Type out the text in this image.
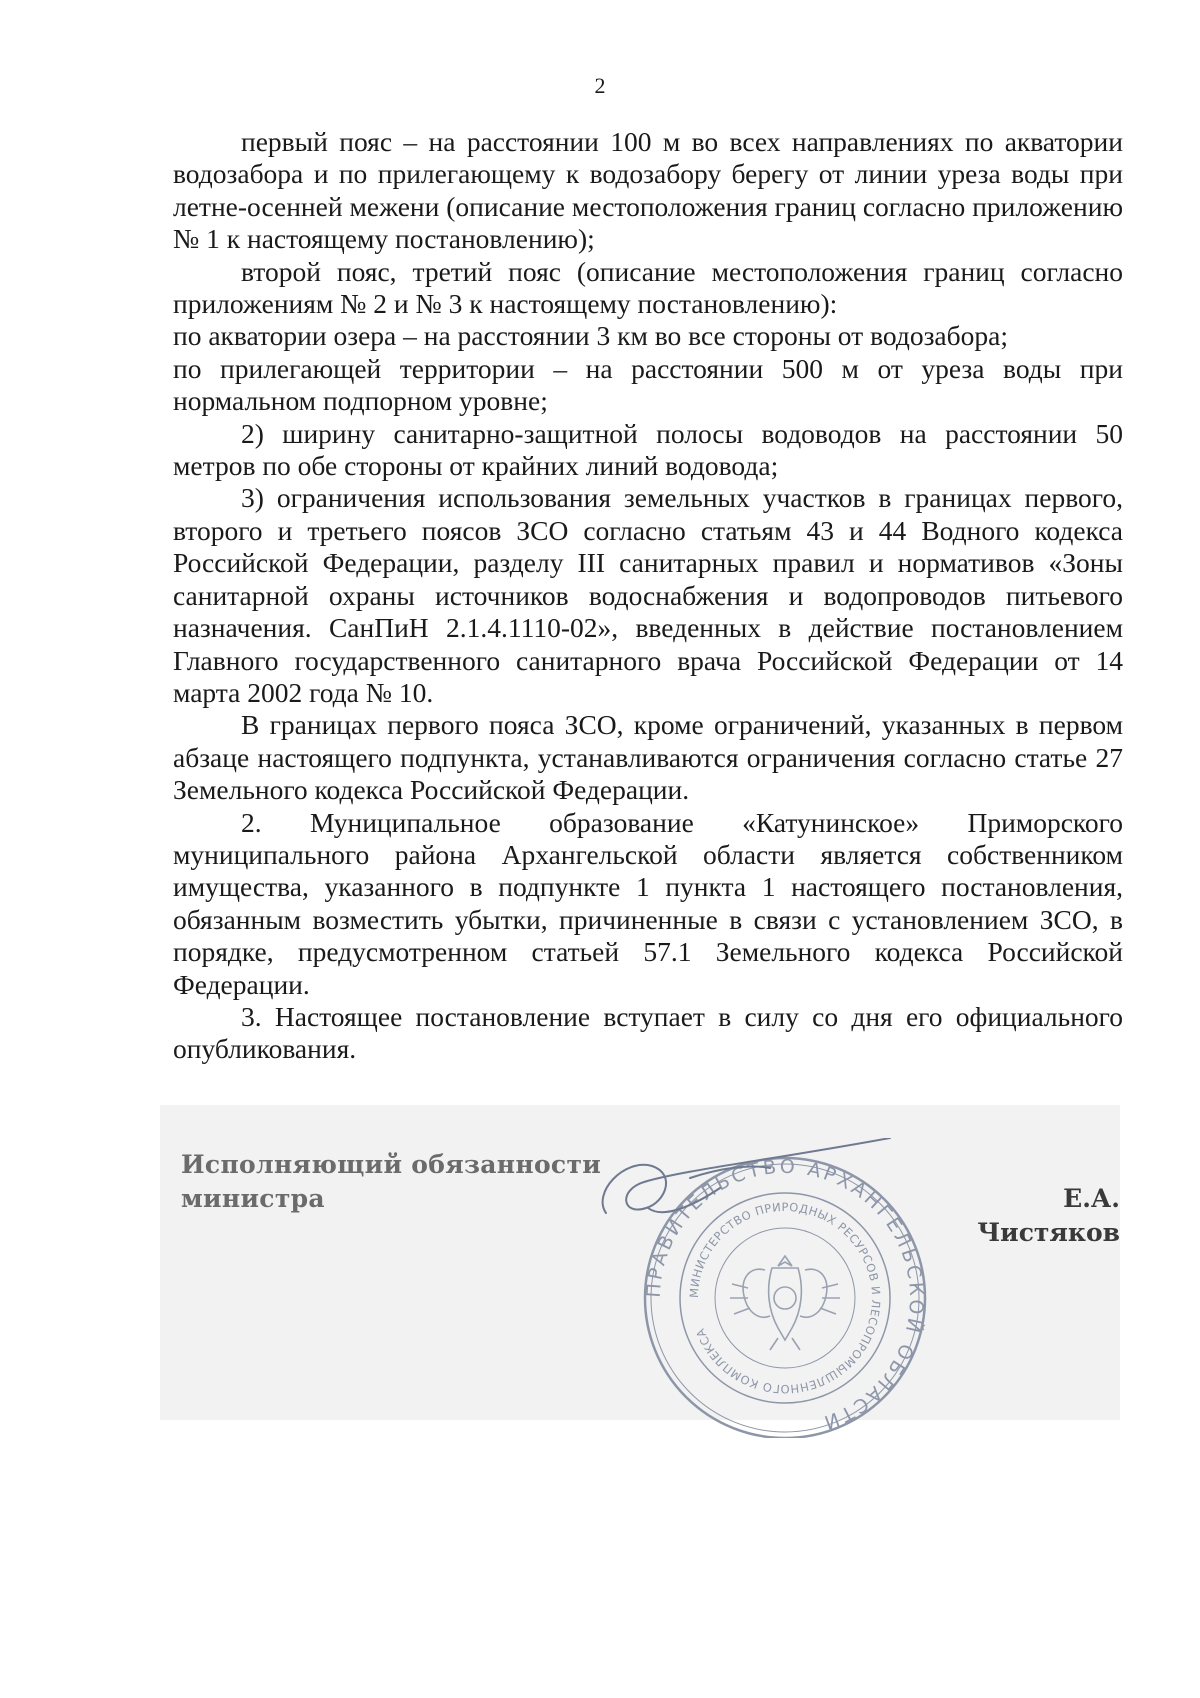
2

первый пояс – на расстоянии 100 м во всех направлениях по акватории водозабора и по прилегающему к водозабору берегу от линии уреза воды при летне-осенней межени (описание местоположения границ согласно приложению № 1 к настоящему постановлению);

второй пояс, третий пояс (описание местоположения границ согласно приложениям № 2 и № 3 к настоящему постановлению):

по акватории озера – на расстоянии 3 км во все стороны от водозабора;

по прилегающей территории – на расстоянии 500 м от уреза воды при нормальном подпорном уровне;

2) ширину санитарно-защитной полосы водоводов на расстоянии 50 метров по обе стороны от крайних линий водовода;

3) ограничения использования земельных участков в границах первого, второго и третьего поясов ЗСО согласно статьям 43 и 44 Водного кодекса Российской Федерации, разделу III санитарных правил и нормативов «Зоны санитарной охраны источников водоснабжения и водопроводов питьевого назначения. СанПиН 2.1.4.1110-02», введенных в действие постановлением Главного государственного санитарного врача Российской Федерации от 14 марта 2002 года № 10.

В границах первого пояса ЗСО, кроме ограничений, указанных в первом абзаце настоящего подпункта, устанавливаются ограничения согласно статье 27 Земельного кодекса Российской Федерации.

2. Муниципальное образование «Катунинское» Приморского муниципального района Архангельской области является собственником имущества, указанного в подпункте 1 пункта 1 настоящего постановления, обязанным возместить убытки, причиненные в связи с установлением ЗСО, в порядке, предусмотренном статьей 57.1 Земельного кодекса Российской Федерации.

3. Настоящее постановление вступает в силу со дня его официального опубликования.

Исполняющий обязанности
министра
ПРАВИТЕЛЬСТВО АРХАНГЕЛЬСКОЙ ОБЛАСТИ
МИНИСТЕРСТВО ПРИРОДНЫХ РЕСУРСОВ И ЛЕСОПРОМЫШЛЕННОГО КОМПЛЕКСА
Е.А. Чистяков
